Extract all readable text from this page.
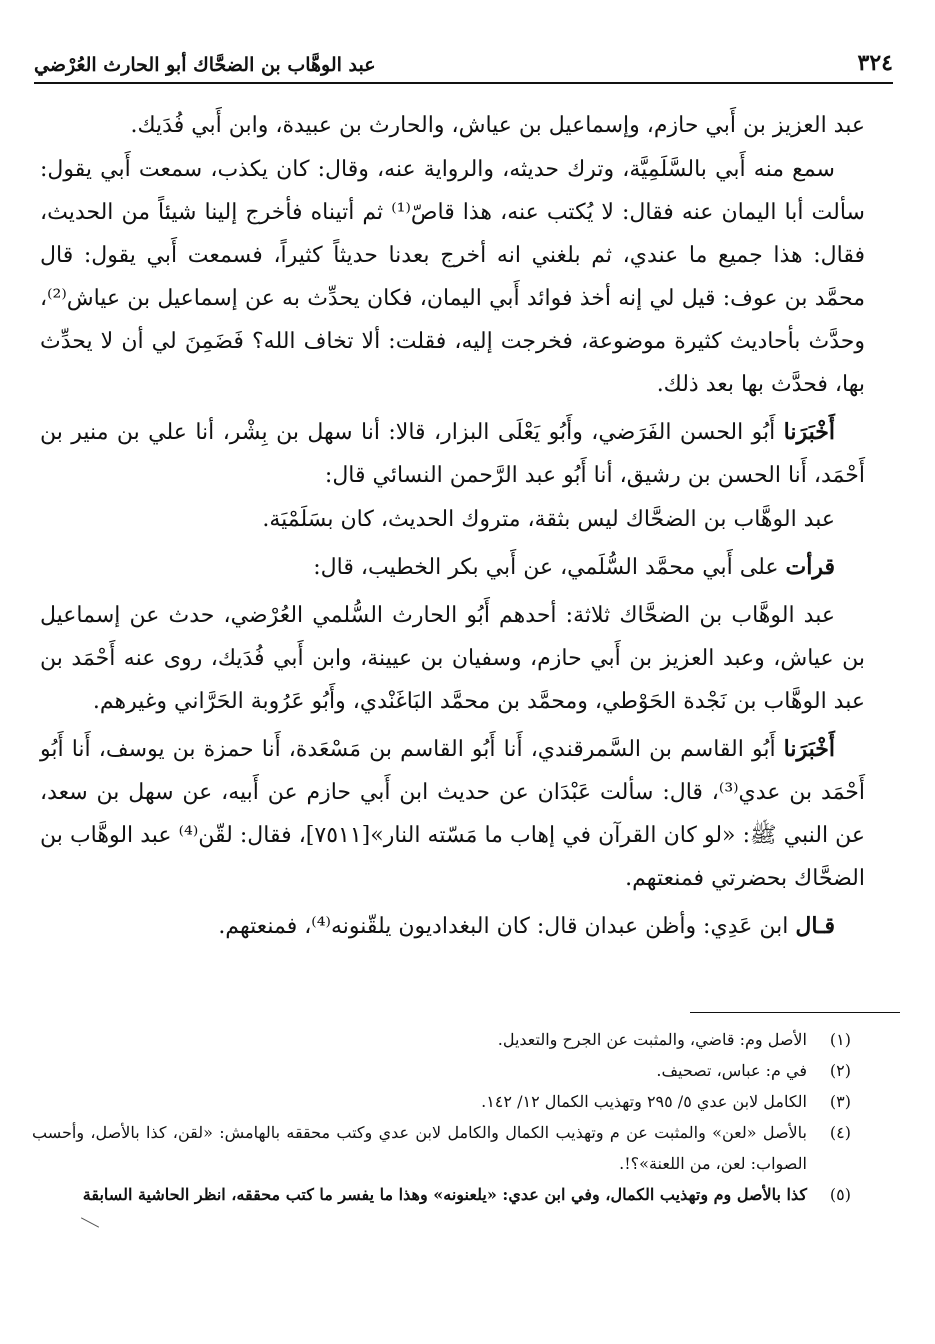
٣٢٤
عبد الوهَّاب بن الضحَّاك أبو الحارث العُرْضي

عبد العزيز بن أَبي حازم، وإسماعيل بن عياش، والحارث بن عبيدة، وابن أَبي فُدَيك.

سمع منه أَبي بالسَّلَمِيَّة، وترك حديثه، والرواية عنه، وقال: كان يكذب، سمعت أَبي يقول: سألت أبا اليمان عنه فقال: لا يُكتب عنه، هذا قاصّ⁽¹⁾ ثم أتيناه فأخرج إلينا شيئاً من الحديث، فقال: هذا جميع ما عندي، ثم بلغني انه أخرج بعدنا حديثاً كثيراً، فسمعت أَبي يقول: قال محمَّد بن عوف: قيل لي إنه أخذ فوائد أَبي اليمان، فكان يحدِّث به عن إسماعيل بن عياش⁽²⁾، وحدَّث بأحاديث كثيرة موضوعة، فخرجت إليه، فقلت: ألا تخاف الله؟ فَضَمِنَ لي أن لا يحدِّث بها، فحدَّث بها بعد ذلك.

أَخْبَرَنا أَبُو الحسن الفَرَضي، وأَبُو يَعْلَى البزار، قالا: أنا سهل بن بِشْر، أنا علي بن منير بن أَحْمَد، أَنا الحسن بن رشيق، أنا أَبُو عبد الرَّحمن النسائي قال:

عبد الوهَّاب بن الضحَّاك ليس بثقة، متروك الحديث، كان بسَلَمْيَة.

قرأت على أَبي محمَّد السُّلَمي، عن أَبي بكر الخطيب، قال:

عبد الوهَّاب بن الضحَّاك ثلاثة: أحدهم أَبُو الحارث السُّلمي العُرْضي، حدث عن إسماعيل بن عياش، وعبد العزيز بن أَبي حازم، وسفيان بن عيينة، وابن أَبي فُدَيك، روى عنه أَحْمَد بن عبد الوهَّاب بن نَجْدة الحَوْطي، ومحمَّد بن محمَّد البَاغَنْدي، وأَبُو عَرُوبة الحَرَّاني وغيرهم.

أَخْبَرَنا أَبُو القاسم بن السَّمرقندي، أَنا أَبُو القاسم بن مَسْعَدة، أَنا حمزة بن يوسف، أَنا أَبُو أَحْمَد بن عدي⁽³⁾، قال: سألت عَبْدَان عن حديث ابن أَبي حازم عن أَبيه، عن سهل بن سعد، عن النبي ﷺ: «لو كان القرآن في إهاب ما مَسّته النار»[٧٥١١]، فقال: لقّن⁽⁴⁾ عبد الوهَّاب بن الضحَّاك بحضرتي فمنعتهم.

قـال ابن عَدِي: وأظن عبدان قال: كان البغداديون يلقّنونه⁽⁴⁾، فمنعتهم.

(١)
الأصل وم: قاضي، والمثبت عن الجرح والتعديل.
(٢)
في م: عباس، تصحيف.
(٣)
الكامل لابن عدي ٥/ ٢٩٥ وتهذيب الكمال ١٢/ ١٤٢.
(٤)
بالأصل «لعن» والمثبت عن م وتهذيب الكمال والكامل لابن عدي وكتب محققه بالهامش: «لقن، كذا بالأصل، وأحسب الصواب: لعن، من اللعنة»؟!.
(٥)
كذا بالأصل وم وتهذيب الكمال، وفي ابن عدي: «يلعنونه» وهذا ما يفسر ما كتب محققه، انظر الحاشية السابقة
